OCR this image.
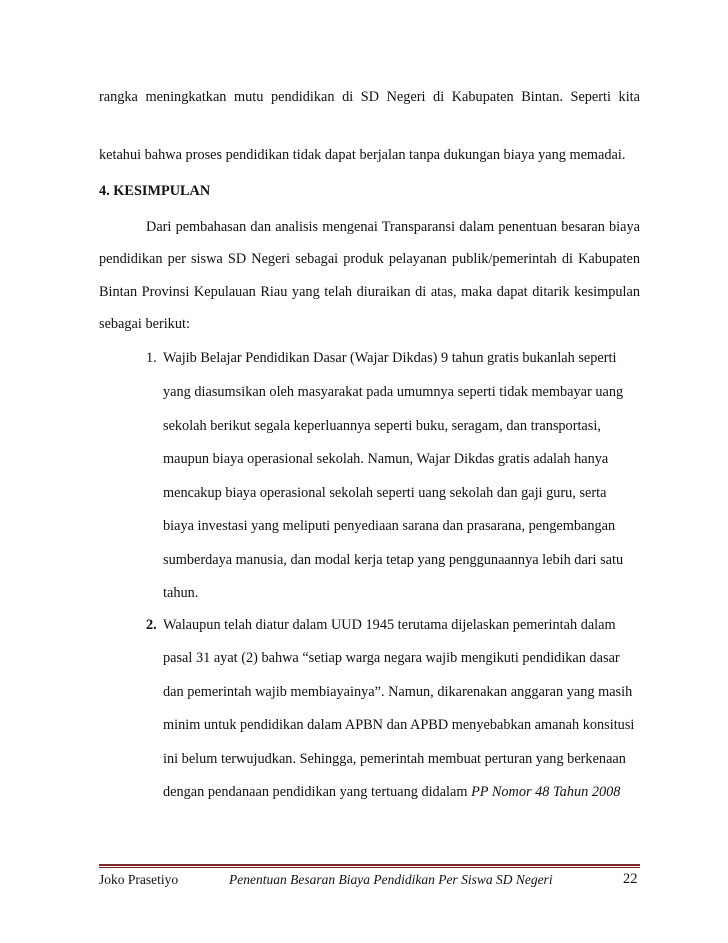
rangka meningkatkan mutu pendidikan di SD Negeri di Kabupaten Bintan. Seperti kita
ketahui bahwa proses pendidikan tidak dapat berjalan tanpa dukungan biaya yang memadai.
4. KESIMPULAN
Dari pembahasan dan analisis mengenai Transparansi dalam penentuan besaran biaya
pendidikan per siswa SD Negeri sebagai produk pelayanan publik/pemerintah di Kabupaten
Bintan Provinsi Kepulauan Riau yang telah diuraikan di atas, maka dapat ditarik kesimpulan
sebagai berikut:
1. Wajib Belajar Pendidikan Dasar (Wajar Dikdas) 9 tahun gratis bukanlah seperti
yang diasumsikan oleh masyarakat pada umumnya seperti tidak membayar uang
sekolah berikut segala keperluannya seperti buku, seragam, dan transportasi,
maupun biaya operasional sekolah. Namun, Wajar Dikdas gratis adalah hanya
mencakup biaya operasional sekolah seperti uang sekolah dan gaji guru, serta
biaya investasi yang meliputi penyediaan sarana dan prasarana, pengembangan
sumberdaya manusia, dan modal kerja tetap yang penggunaannya lebih dari satu
tahun.
2. Walaupun telah diatur dalam UUD 1945 terutama dijelaskan pemerintah dalam
pasal 31 ayat (2) bahwa “setiap warga negara wajib mengikuti pendidikan dasar
dan pemerintah wajib membiayainya”. Namun, dikarenakan anggaran yang masih
minim untuk pendidikan dalam APBN dan APBD menyebabkan amanah konsitusi
ini belum terwujudkan. Sehingga, pemerintah membuat perturan yang berkenaan
dengan pendanaan pendidikan yang tertuang didalam PP Nomor 48 Tahun 2008
Joko Prasetiyo	Penentuan Besaran Biaya Pendidikan Per Siswa SD Negeri	22
